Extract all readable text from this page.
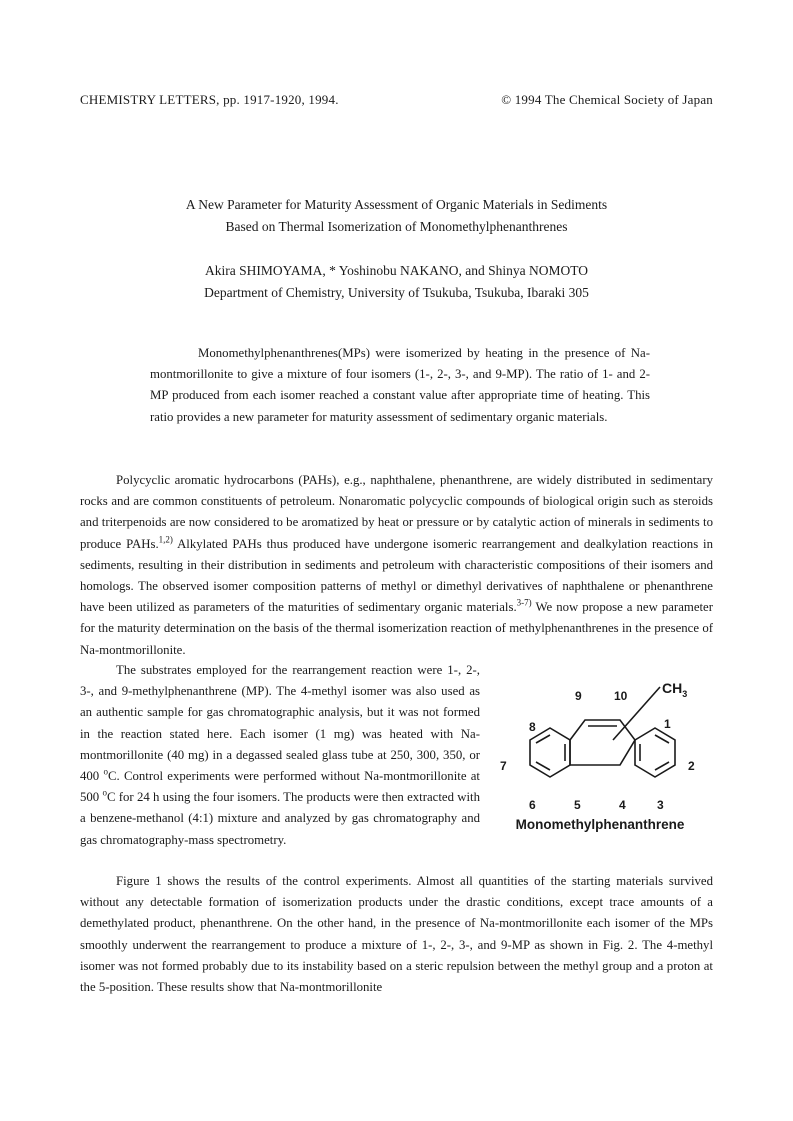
CHEMISTRY LETTERS, pp. 1917-1920, 1994.	© 1994 The Chemical Society of Japan
A New Parameter for Maturity Assessment of Organic Materials in Sediments
Based on Thermal Isomerization of Monomethylphenanthrenes
Akira SHIMOYAMA, * Yoshinobu NAKANO, and Shinya NOMOTO
Department of Chemistry, University of Tsukuba, Tsukuba, Ibaraki 305
Monomethylphenanthrenes(MPs) were isomerized by heating in the presence of Na-montmorillonite to give a mixture of four isomers (1-, 2-, 3-, and 9-MP). The ratio of 1- and 2-MP produced from each isomer reached a constant value after appropriate time of heating. This ratio provides a new parameter for maturity assessment of sedimentary organic materials.
Polycyclic aromatic hydrocarbons (PAHs), e.g., naphthalene, phenanthrene, are widely distributed in sedimentary rocks and are common constituents of petroleum. Nonaromatic polycyclic compounds of biological origin such as steroids and triterpenoids are now considered to be aromatized by heat or pressure or by catalytic action of minerals in sediments to produce PAHs.$^{1,2)}$ Alkylated PAHs thus produced have undergone isomeric rearrangement and dealkylation reactions in sediments, resulting in their distribution in sediments and petroleum with characteristic compositions of their isomers and homologs. The observed isomer composition patterns of methyl or dimethyl derivatives of naphthalene or phenanthrene have been utilized as parameters of the maturities of sedimentary organic materials.$^{3-7)}$ We now propose a new parameter for the maturity determination on the basis of the thermal isomerization reaction of methylphenanthrenes in the presence of Na-montmorillonite.
The substrates employed for the rearrangement reaction were 1-, 2-, 3-, and 9-methylphenanthrene (MP). The 4-methyl isomer was also used as an authentic sample for gas chromatographic analysis, but it was not formed in the reaction stated here. Each isomer (1 mg) was heated with Na-montmorillonite (40 mg) in a degassed sealed glass tube at 250, 300, 350, or 400 $^o$C. Control experiments were performed without Na-montmorillonite at 500 $^o$C for 24 h using the four isomers. The products were then extracted with a benzene-methanol (4:1) mixture and analyzed by gas chromatography and gas chromatography-mass spectrometry.
Figure 1 shows the results of the control experiments. Almost all quantities of the starting materials survived without any detectable formation of isomerization products under the drastic conditions, except trace amounts of a demethylated product, phenanthrene. On the other hand, in the presence of Na-montmorillonite each isomer of the MPs smoothly underwent the rearrangement to produce a mixture of 1-, 2-, 3-, and 9-MP as shown in Fig. 2. The 4-methyl isomer was not formed probably due to its instability based on a steric repulsion between the methyl group and a proton at the 5-position. These results show that Na-montmorillonite
$CH_3$
1
2
3
4
5
6
7
8
9	10
Monomethylphenanthrene
